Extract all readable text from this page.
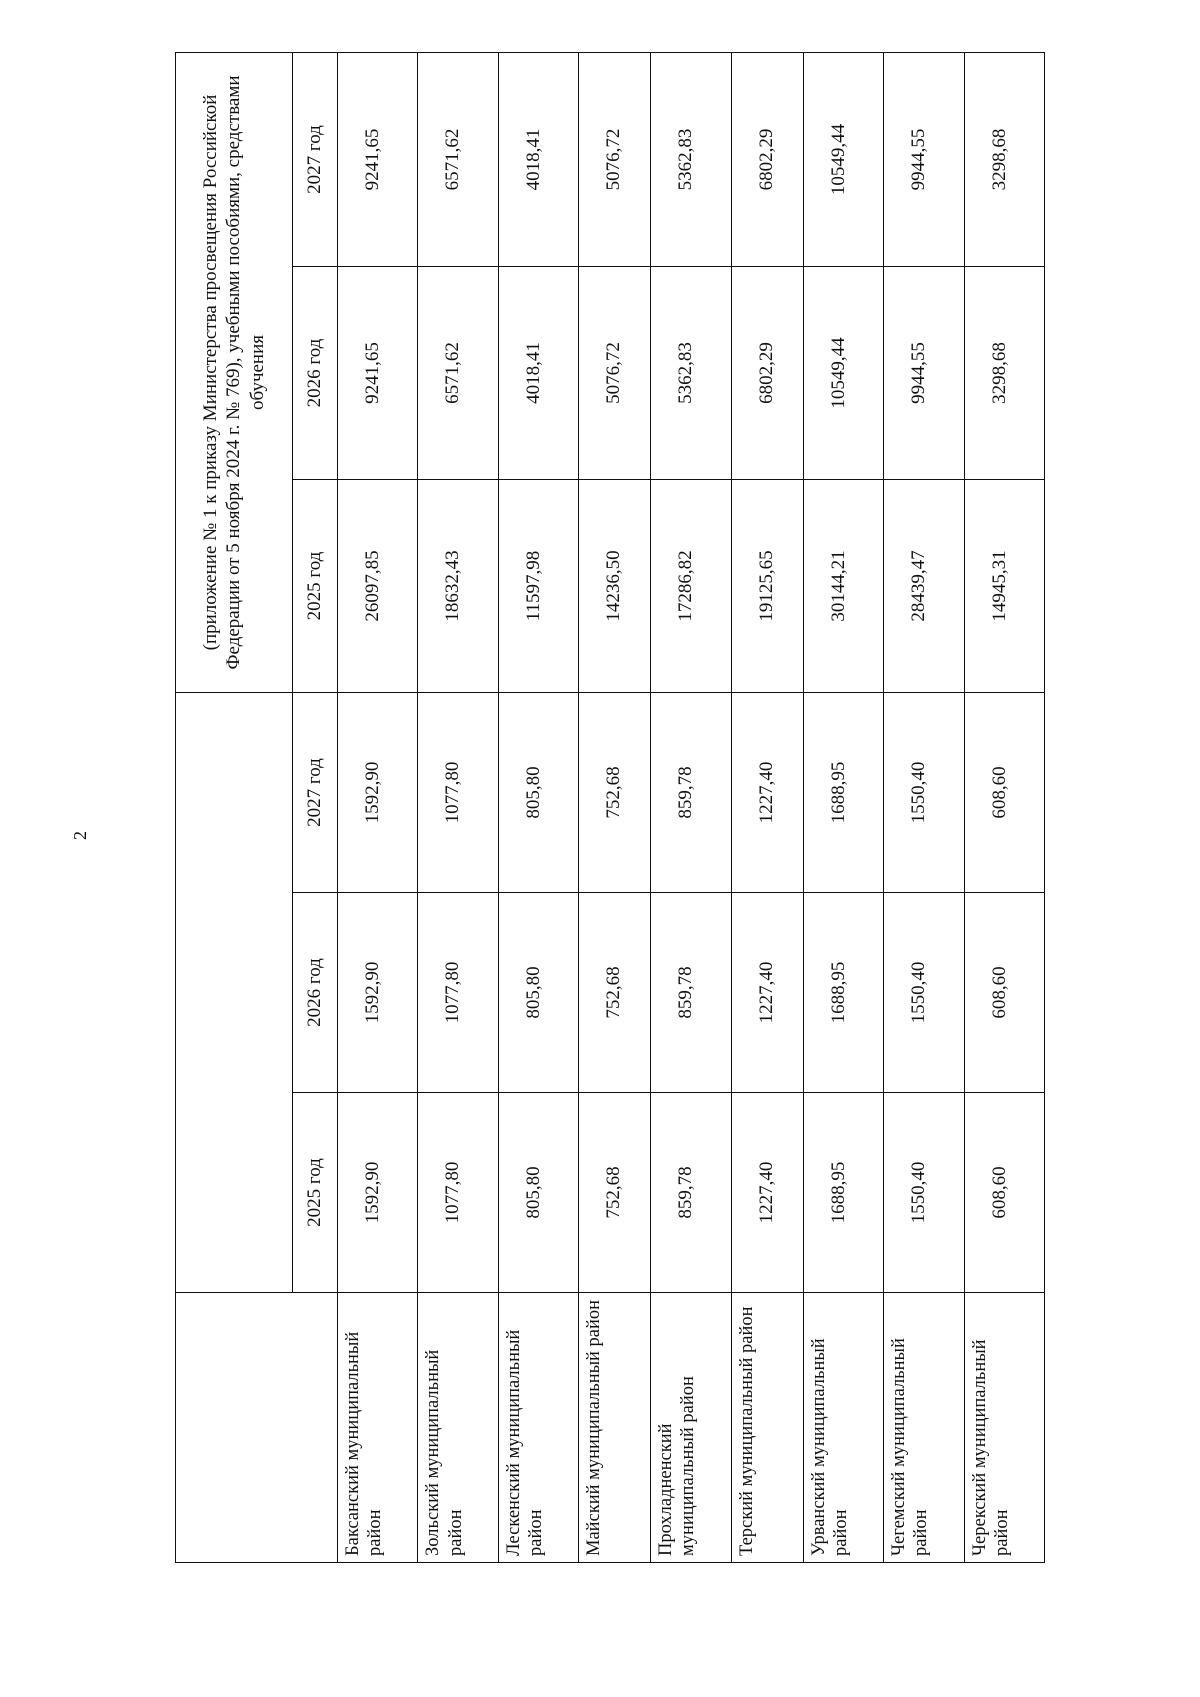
2
				(приложение № 1 к приказу Министерства просвещения Российской Федерации от 5 ноября 2024 г. № 769), учебными пособиями, средствами обучения		
	2025 год	2026 год	2027 год	2025 год	2026 год	2027 год
Баксанский муниципальный район	1592,90	1592,90	1592,90	26097,85	9241,65	9241,65
Зольский муниципальный район	1077,80	1077,80	1077,80	18632,43	6571,62	6571,62
Лескенский муниципальный район	805,80	805,80	805,80	11597,98	4018,41	4018,41
Майский муниципальный район	752,68	752,68	752,68	14236,50	5076,72	5076,72
Прохладненский муниципальный район	859,78	859,78	859,78	17286,82	5362,83	5362,83
Терский муниципальный район	1227,40	1227,40	1227,40	19125,65	6802,29	6802,29
Урванский муниципальный район	1688,95	1688,95	1688,95	30144,21	10549,44	10549,44
Чегемский муниципальный район	1550,40	1550,40	1550,40	28439,47	9944,55	9944,55
Черекский муниципальный район	608,60	608,60	608,60	14945,31	3298,68	3298,68
